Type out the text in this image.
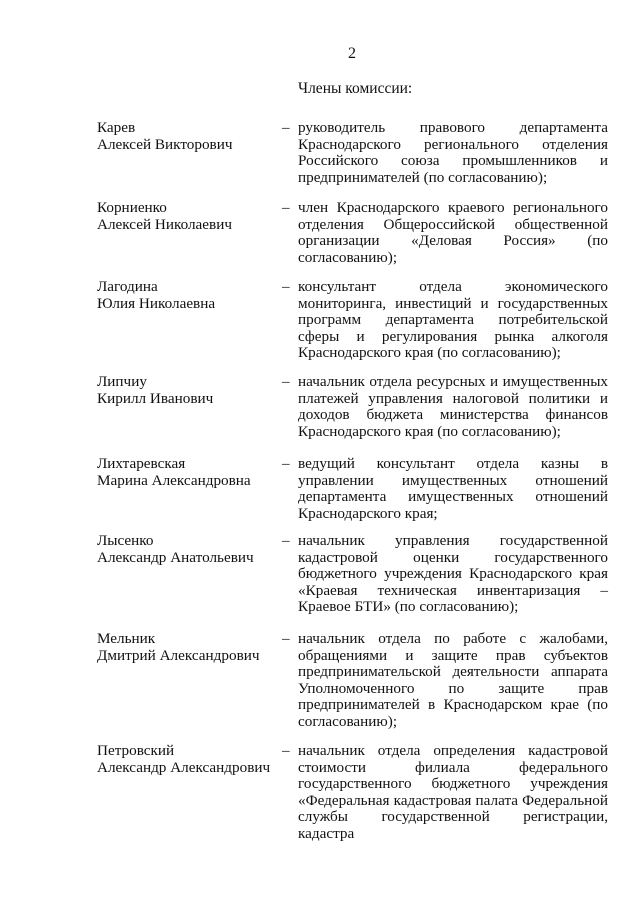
2
Члены комиссии:
Карев
Алексей Викторович
– руководитель правового департамента Краснодарского регионального отделения Российского союза промышленников и предпринимателей (по согласованию);
Корниенко
Алексей Николаевич
– член Краснодарского краевого регионального отделения Общероссийской общественной организации «Деловая Россия» (по согласованию);
Лагодина
Юлия Николаевна
– консультант отдела экономического мониторинга, инвестиций и государственных программ департамента потребительской сферы и регулирования рынка алкоголя Краснодарского края (по согласованию);
Липчиу
Кирилл Иванович
– начальник отдела ресурсных и имущественных платежей управления налоговой политики и доходов бюджета министерства финансов Краснодарского края (по согласованию);
Лихтаревская
Марина Александровна
– ведущий консультант отдела казны в управлении имущественных отношений департамента имущественных отношений Краснодарского края;
Лысенко
Александр Анатольевич
– начальник управления государственной кадастровой оценки государственного бюджетного учреждения Краснодарского края «Краевая техническая инвентаризация – Краевое БТИ» (по согласованию);
Мельник
Дмитрий Александрович
– начальник отдела по работе с жалобами, обращениями и защите прав субъектов предпринимательской деятельности аппарата Уполномоченного по защите прав предпринимателей в Краснодарском крае (по согласованию);
Петровский
Александр Александрович
– начальник отдела определения кадастровой стоимости филиала федерального государственного бюджетного учреждения «Федеральная кадастровая палата Федеральной службы государственной регистрации, кадастра
